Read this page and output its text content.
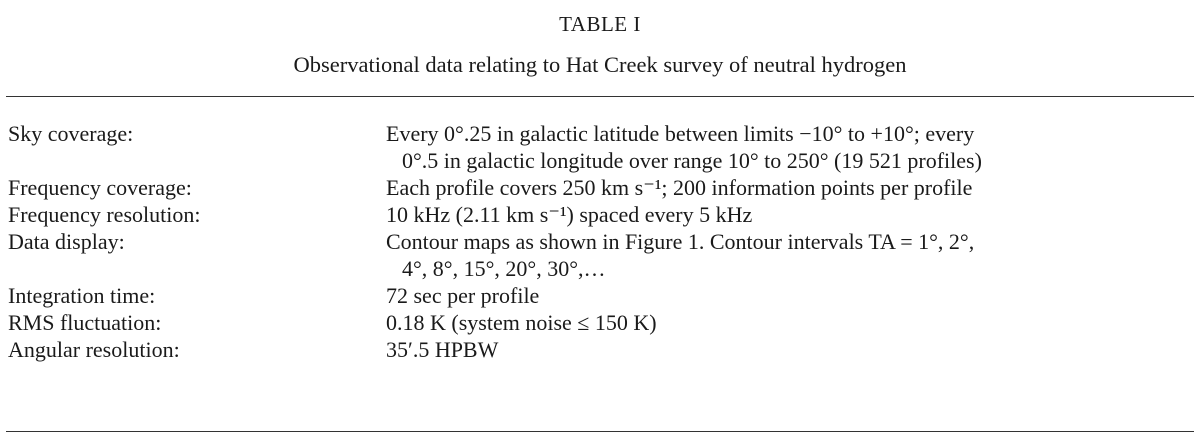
TABLE I
Observational data relating to Hat Creek survey of neutral hydrogen
Sky coverage:	Every 0°.25 in galactic latitude between limits −10° to +10°; every
0°.5 in galactic longitude over range 10° to 250° (19 521 profiles)
Frequency coverage:	Each profile covers 250 km s⁻¹; 200 information points per profile
Frequency resolution:	10 kHz (2.11 km s⁻¹) spaced every 5 kHz
Data display:	Contour maps as shown in Figure 1. Contour intervals TA = 1°, 2°,
4°, 8°, 15°, 20°, 30°,…
Integration time:	72 sec per profile
RMS fluctuation:	0.18 K (system noise ≤ 150 K)
Angular resolution:	35′.5 HPBW
